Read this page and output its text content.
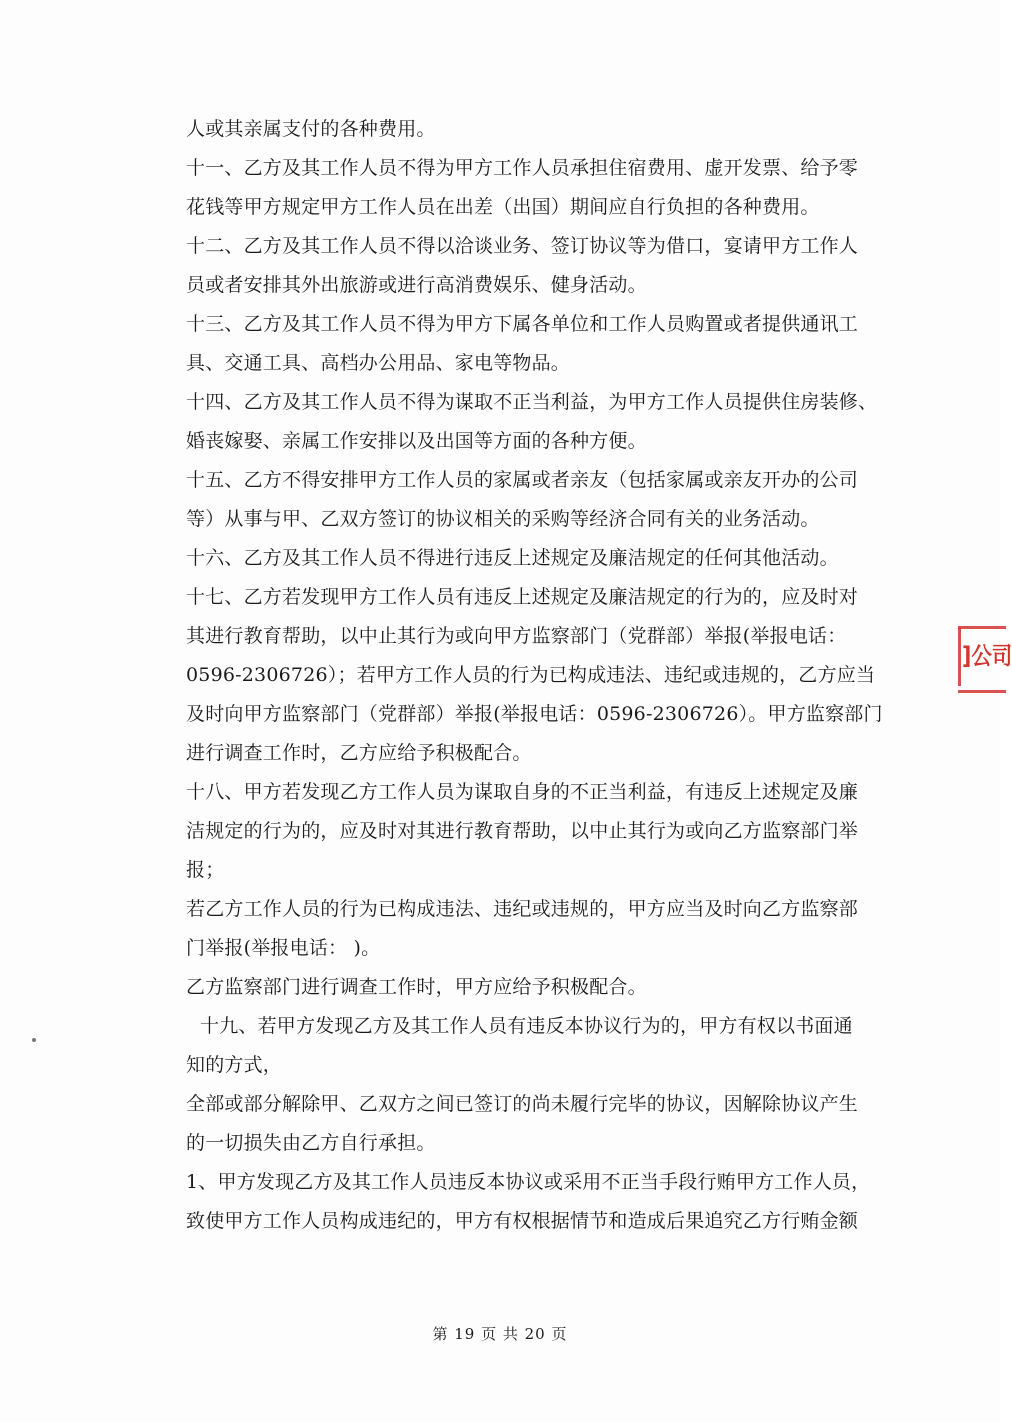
人或其亲属支付的各种费用。
十一、乙方及其工作人员不得为甲方工作人员承担住宿费用、虚开发票、给予零
花钱等甲方规定甲方工作人员在出差（出国）期间应自行负担的各种费用。
十二、乙方及其工作人员不得以洽谈业务、签订协议等为借口，宴请甲方工作人
员或者安排其外出旅游或进行高消费娱乐、健身活动。
十三、乙方及其工作人员不得为甲方下属各单位和工作人员购置或者提供通讯工
具、交通工具、高档办公用品、家电等物品。
十四、乙方及其工作人员不得为谋取不正当利益，为甲方工作人员提供住房装修、
婚丧嫁娶、亲属工作安排以及出国等方面的各种方便。
十五、乙方不得安排甲方工作人员的家属或者亲友（包括家属或亲友开办的公司
等）从事与甲、乙双方签订的协议相关的采购等经济合同有关的业务活动。
十六、乙方及其工作人员不得进行违反上述规定及廉洁规定的任何其他活动。
十七、乙方若发现甲方工作人员有违反上述规定及廉洁规定的行为的，应及时对
其进行教育帮助，以中止其行为或向甲方监察部门（党群部）举报(举报电话：
0596-2306726）；若甲方工作人员的行为已构成违法、违纪或违规的，乙方应当
及时向甲方监察部门（党群部）举报(举报电话：0596-2306726）。甲方监察部门
进行调查工作时，乙方应给予积极配合。
十八、甲方若发现乙方工作人员为谋取自身的不正当利益，有违反上述规定及廉
洁规定的行为的，应及时对其进行教育帮助，以中止其行为或向乙方监察部门举
报；
若乙方工作人员的行为已构成违法、违纪或违规的，甲方应当及时向乙方监察部
门举报(举报电话： )。
乙方监察部门进行调查工作时，甲方应给予积极配合。
十九、若甲方发现乙方及其工作人员有违反本协议行为的，甲方有权以书面通
知的方式，
全部或部分解除甲、乙双方之间已签订的尚未履行完毕的协议，因解除协议产生
的一切损失由乙方自行承担。
1、甲方发现乙方及其工作人员违反本协议或采用不正当手段行贿甲方工作人员，
致使甲方工作人员构成违纪的，甲方有权根据情节和造成后果追究乙方行贿金额
]公司
第 19 页 共 20 页
